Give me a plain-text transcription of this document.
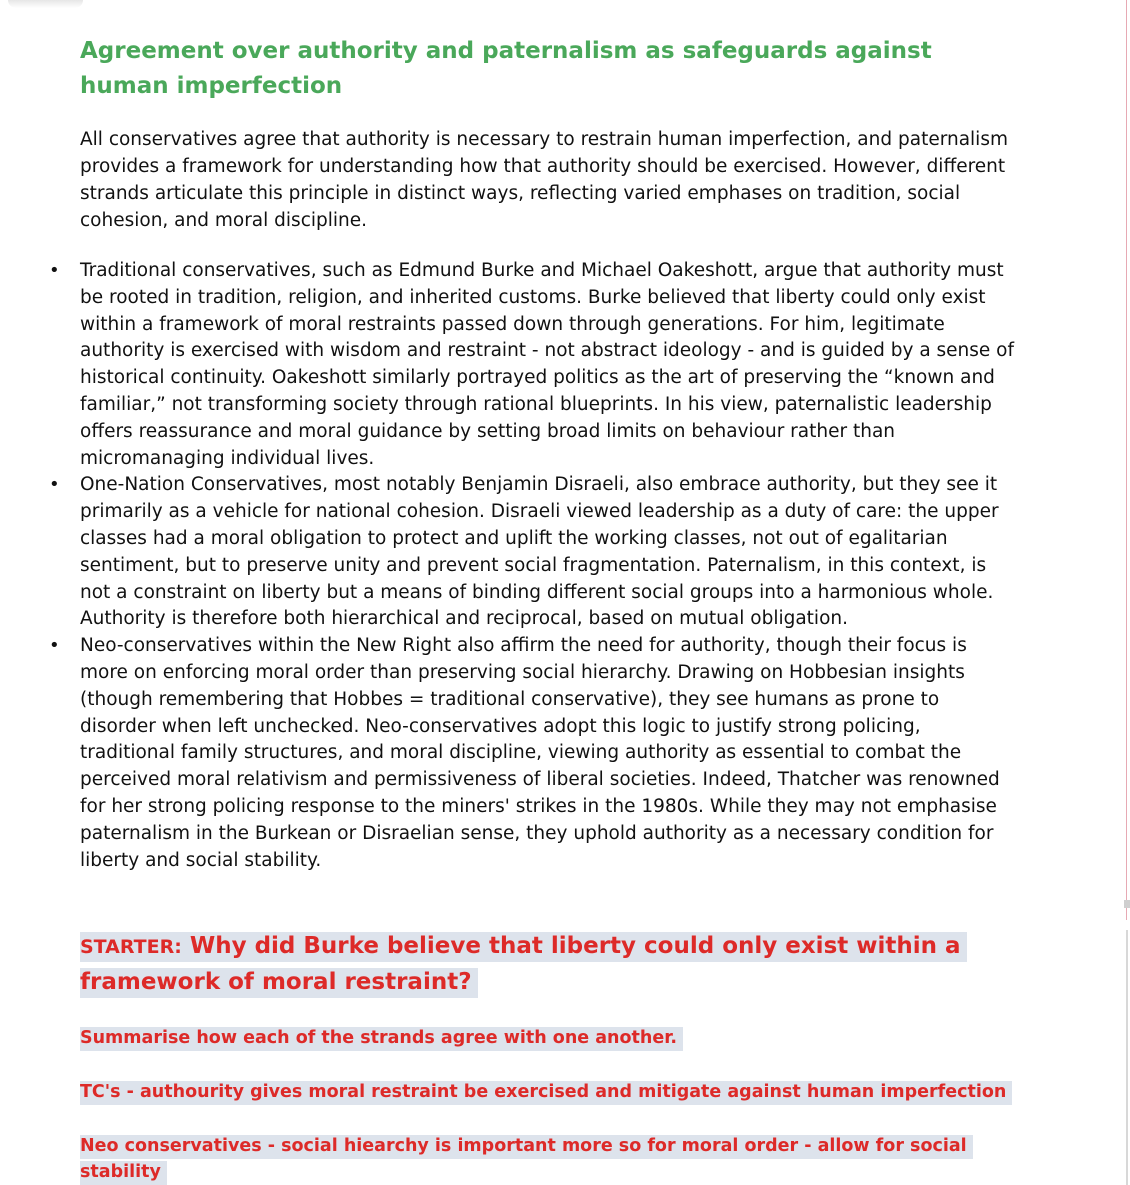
Agreement over authority and paternalism as safeguards against human imperfection

All conservatives agree that authority is necessary to restrain human imperfection, and paternalism provides a framework for understanding how that authority should be exercised. However, different strands articulate this principle in distinct ways, reflecting varied emphases on tradition, social cohesion, and moral discipline.

• Traditional conservatives, such as Edmund Burke and Michael Oakeshott, argue that authority must be rooted in tradition, religion, and inherited customs. Burke believed that liberty could only exist within a framework of moral restraints passed down through generations. For him, legitimate authority is exercised with wisdom and restraint - not abstract ideology - and is guided by a sense of historical continuity. Oakeshott similarly portrayed politics as the art of preserving the “known and familiar,” not transforming society through rational blueprints. In his view, paternalistic leadership offers reassurance and moral guidance by setting broad limits on behaviour rather than micromanaging individual lives.
• One-Nation Conservatives, most notably Benjamin Disraeli, also embrace authority, but they see it primarily as a vehicle for national cohesion. Disraeli viewed leadership as a duty of care: the upper classes had a moral obligation to protect and uplift the working classes, not out of egalitarian sentiment, but to preserve unity and prevent social fragmentation. Paternalism, in this context, is not a constraint on liberty but a means of binding different social groups into a harmonious whole. Authority is therefore both hierarchical and reciprocal, based on mutual obligation.
• Neo-conservatives within the New Right also affirm the need for authority, though their focus is more on enforcing moral order than preserving social hierarchy. Drawing on Hobbesian insights (though remembering that Hobbes = traditional conservative), they see humans as prone to disorder when left unchecked. Neo-conservatives adopt this logic to justify strong policing, traditional family structures, and moral discipline, viewing authority as essential to combat the perceived moral relativism and permissiveness of liberal societies. Indeed, Thatcher was renowned for her strong policing response to the miners' strikes in the 1980s. While they may not emphasise paternalism in the Burkean or Disraelian sense, they uphold authority as a necessary condition for liberty and social stability.

STARTER: Why did Burke believe that liberty could only exist within a framework of moral restraint?

Summarise how each of the strands agree with one another.

TC's - authourity gives moral restraint be exercised and mitigate against human imperfection

Neo conservatives - social hiearchy is important more so for moral order - allow for social stability
